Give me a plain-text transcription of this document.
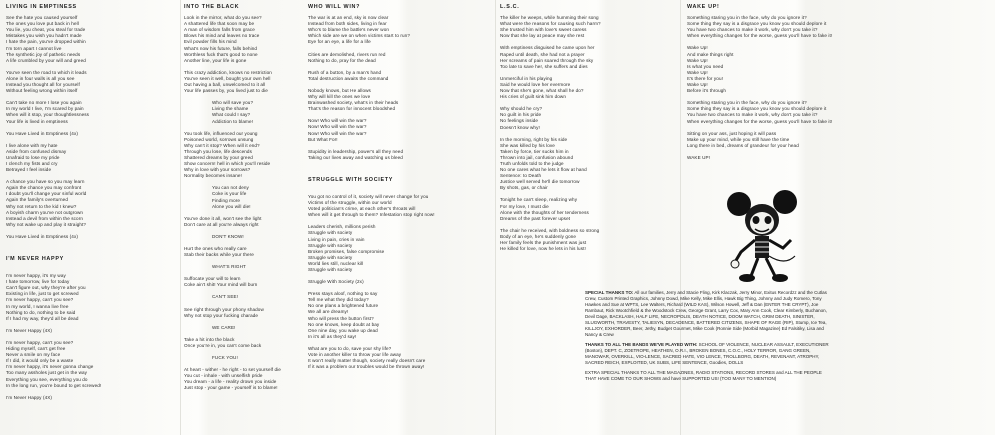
LIVING IN EMPTINESS
See the hate you caused yourself
The ones you love put back in hell
You lie, you cheat, you steal for trade
Mistakes you wish you hadn't made
I hate the pain, you've dropped within
I'm torn apart I cannot live
The synthetic joy of pathetic needs
A life crumbled by your will and greed
You've seen the road to which it leads
Alone in four walls is all you see
Instead you thought all for yourself
Without feeling wrong within itself
Can't take no more I lose you again
In my world I live, I'm scared by pain
When will it stop, your thoughtlessness
Your life is lived in emptiness
You Have Lived in Emptiness (4x)
I live alone with my hate
Aside from confused dismay
Unafraid to lose my pride
I clench my fists and cry
Betrayed I feel inside
A chance you have so you may learn
Again the chance you may confront
I doubt you'll change your sinful world
Again the family's overturned
Why not return to the kid I knew?
A boyish charm you've not outgrown
Instead a devil from within the scorn
Why not wake up and play it straight?
You Have Lived in Emptiness (4x)
I'M NEVER HAPPY
I'm never happy, it's my way
I hate tomorrow, live for today
Can't figure out, why they're after you
Existing in life, just to get screwed
I'm never happy, can't you see?
In my world, I wanna live free
Nothing to do, nothing to be said
If I had my way, they'd all be dead
I'm Never Happy (4X)
I'm never happy, can't you see?
Hiding myself, can't get free
Never a smile on my face
If I did, it would only be a waste
I'm never happy, it's never gonna change
Too many assholes just get in the way
Everything you see, everything you do
In the long run, you're bound to get screwed!
I'm Never Happy (4X)
INTO THE BLACK
Look in the mirror, what do you see?
A shattered life that soon may be
A man of wisdom falls from grace
Blows his mind and leaves no trace
Evil powder fills his mind
What's now his future, falls behind
Worthless fuck that's good to none
Another line, your life is gone
This crazy addiction, knows no restriction
You've seen it well, bought your own hell
Out having a ball, unwelcomed to it all
Your life passes by, you lived just to die
Who will save you?
Living the shame
What could I say?
Addiction to blame!
You took life, influenced our young
Poisoned world, sorrows unsung
Why can't it stop? When will it end?
Through you lose, life descends
Shattered dreams by your greed
Show concern! hell in which you'll reside
Why in love with your sorrows?
Normality becomes insane!
You can not deny
Coke is your life
Finding more
Alone you will die!
You've done it all, won't see the light
Don't care at all you're always right
DON'T KNOW!
Hurt the ones who really care
Stab their backs while your there
WHAT'S RIGHT
Suffocate your will to learn
Coke ain't shit! Your mind will burn
CAN'T SEE!
See right through your phony shadow
Why not stop your fucking charade
WE CARE!
Take a hit into the black
Once you're in, you can't come back
FUCK YOU!
At heart - wither - he right - to set yourself die
You cut - inhale - with unselfish pride
You dream - a life - reality drown you inside
Just stop - your game - yourself is to blame!
WHO WILL WIN?
The war is at an end, sky is now clear
Instead from both sides, living in fear
Who's to blame the battle's never won
Which side are we on when victims start to run?
Eye for an eye, a life for a life
Cities are demolished, rivers run red
Nothing to do, pray for the dead
Rush of a button, by a man's hand
Total destruction awaits the command
Nobody knows, but He allows
Why will kill the ones we love
Brainwashed society, what's in their heads
That's the reason for innocent bloodshed
Now! Who will win the war?
Now! Who will win the war?
Now! Who will win the war?
But What For!
Stupidity in leadership, power's all they need
Taking our lives away and watching us bleed
STRUGGLE WITH SOCIETY
You got no control of it, society will never change for you
Victims of the struggle, within our world
Voted politician's crime, at each other's throats will
When will it get through to them? Infestation stop right now!
Leaders cherish, millions perish
Struggle with society
Living in pain, cries in vain
Struggle with society
Broken promises, false compromise
Struggle with society
World lies still, nuclear kill
Struggle with society
Struggle With Society (2x)
Press stays aloof, nothing to say
Tell me what they did today?
No one plans a brightened future
We all are dreamy!
Who will press the button first?
No one knows, keep doubt at bay
One nine day, you wake up dead
In it's all as they'd say!
What are you to do, save your shy life?
Vote in another killer to throw your life away
It won't really matter though, society really doesn't care
If it was a problem our troubles would be thrown away!
L.S.C.
The killer he weeps, while humming their song
What were the reasons for causing such harm?
She trusted him with love's sweet caress
Now that she lay at peace may she rest
With emptiness disguised he came upon her
Raped until death, she had not a prayer
Her screams of pain soared through the sky
Too late to save her, she suffers and dies
Unmerciful in his playing
Said he would love her evermore
Now that she's gone, what shall he do?
His cries of guilt sink him down
Why should he cry?
No guilt in his pride
No feelings inside
Doesn't know why!
In the morning, right by his side
She was killed by his love
Taken by force, tier sucks him in
Thrown into jail, confusion abound
Truth unfolds told to the judge
No one cares what he lets it flow at hand
Sentence: to Death
Justice well served he'll die tomorrow
By shots, gas, or chair
Tonight he can't sleep, realizing why
For my love, I must die
Alone with the thoughts of her tenderness
Dreams of the past forever upset
The chair he received, with boldness so strong
Body of an eye, he's suddenly gone
Her family feels the punishment was just
He killed for love, now he lets in his lust!
WAKE UP!
Something staring you in the face, why do you ignore it?
Some thing they say is a disgrace you know you should deplore it
You have two chances to make it work, why don't you take it?
When everything changes for the worse, guess you'll have to fake it!
Wake Up!
And make things right
Wake Up!
Is what you need
Wake Up!
It's there for you!
Wake Up!
Before it's through
Something staring you in the face, why do you ignore it?
Some thing they say is a disgrace you know you should deplore it
You have two chances to make it work, why don't you take it?
When everything changes for the worse, guess you'll have to fake it!
Sitting on your ass, just hoping it will pass
Make up your mind, while you still have the time
Long there in bed, dreams of grandeur for your head
WAKE UP!
SPECIAL THANKS TO: All our families, Jerry and Stacie Fling, Kirk Klaczak, Jerry Minor, Exitus Recordzz and the Cutlas Crew, Custom Printed Graphics, Johnny Dowd, Mike Kelly, Mike Ellis, Hawk Big Thing, Johnny and Judy Romero, Tony Hawkes and Sue at WPTS, Lee Walters, Richard (WILD KAS), Wilson Howell, Jeff & Dan (ENTER THE CRYPT), Joe Rambaut, Rick Wootchfield & the Woodstock Crew, George Grant, Larry Cox, Mary Ann Cook, Clear Kimberly, Buchanon, Devil Dage, BACKLASH, HALF LIFE, NECROPOLIS, DEATH NOTICE, DOOM WATCH, GRIM DEATH, SINISTER, SLUGWORTH, TRAVESTY, TALIESYN, DECADENCE, BATTERED CITIZENS, SHAPE OF RAGE (RIP), Stump, Ice Tea, KILLJOY, EXHORDER, Beer, Jethy, Budget Gourmet, Mike Cook (Ronnie Side (Morbid Magazine) Ed Falsitiky, Lisa and Nancy & Crew
THANKS TO ALL THE BANDS WE'VE PLAYED WITH: SCHOOL OF VIOLENCE, NUCLEAR ASSAULT, EXECUTIONER (Boston), DEPT. C, ZOETROPE, HEATHEN, O.R.I., BROKEN BONES, C.O.C., HOLY TERROR, GANG GREEN, MANOWAR, OVERKILL, VIO-LENCE, SACRED HATE, VIO LENCE, TROLLBORG, DEATH, REVENANT, ATROPHY, SACRED REICH, EXPLOITED, UK SUBS, LIFE SENTENCE, Goodies, DOLLS
EXTRA SPECIAL THANKS TO ALL THE MAGAZINES, RADIO STATIONS, RECORD STORES and ALL THE PEOPLE THAT HAVE COME TO OUR SHOWS and have SUPPORTED US! (TOO MANY TO MENTION)
